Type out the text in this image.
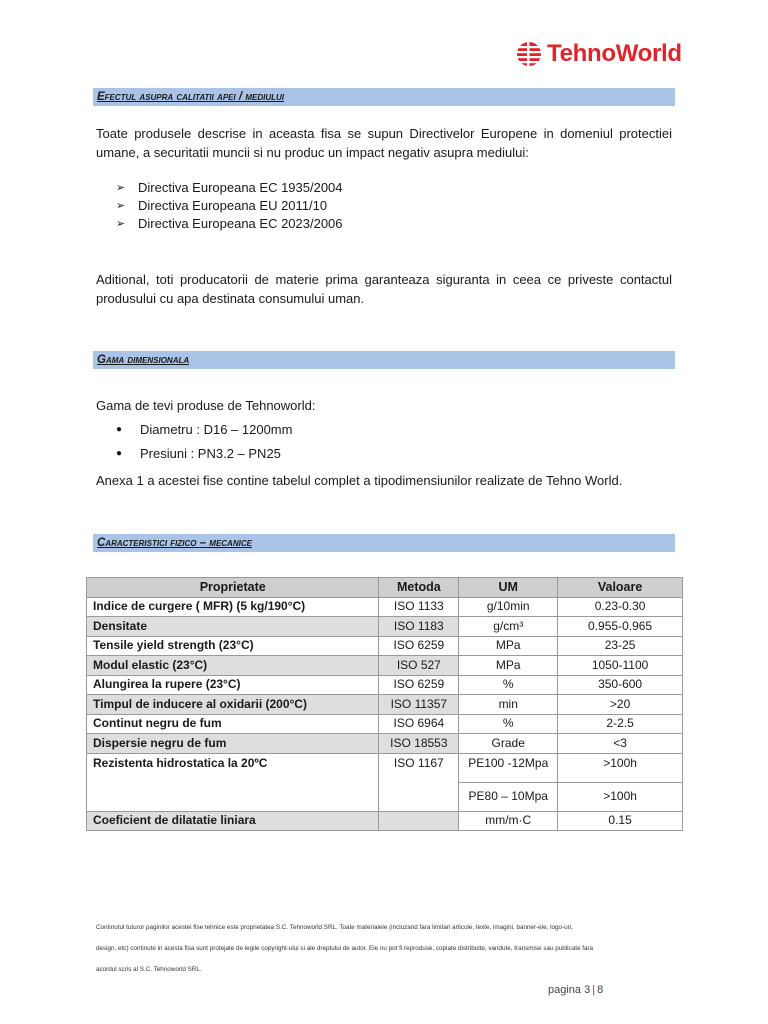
TehnoWorld
Efectul asupra calitatii apei / mediului

Toate produsele descrise in aceasta fisa se supun Directivelor Europene in domeniul protectiei umane, a securitatii muncii si nu produc un impact negativ asupra mediului:

➢ Directiva Europeana EC 1935/2004
➢ Directiva Europeana EU 2011/10
➢ Directiva Europeana EC 2023/2006

Aditional, toti producatorii de materie prima garanteaza siguranta in ceea ce priveste contactul produsului cu apa destinata consumului uman.

Gama dimensionala

Gama de tevi produse de Tehnoworld:

●	Diametru : D16 – 1200mm
●	Presiuni : PN3.2 – PN25

Anexa 1 a acestei fise contine tabelul complet a tipodimensiunilor realizate de Tehno World.

Caracteristici fizico – mecanice
Proprietate	Metoda	UM	Valoare
Indice de curgere ( MFR) (5 kg/190°C)	ISO 1133	g/10min	0.23-0.30
Densitate	ISO 1183	g/cm³	0.955-0.965
Tensile yield strength (23°C)	ISO 6259	MPa	23-25
Modul elastic (23°C)	ISO 527	MPa	1050-1100
Alungirea la rupere (23°C)	ISO 6259	%	350-600
Timpul de inducere al oxidarii (200°C)	ISO 11357	min	>20
Continut negru de fum	ISO 6964	%	2-2.5
Dispersie negru de fum	ISO 18553	Grade	<3
Rezistenta hidrostatica la 20ºC	ISO 1167	PE100 -12Mpa	>100h
		PE80 – 10Mpa	>100h
Coeficient de dilatatie liniara		mm/m·C	0.15
Continutul tuturor paginilor acestei fise tehnice este proprietatea S.C. Tehnoworld SRL. Toate materialele (incluzand fara limitari articole, texte, imagini, banner-ele, logo-uri,
design, etc) continute in acesta fisa sunt protejate de legile copyright-ului si ale dreptului de autor. Ele nu pot fi reproduse, copiate distribuite, vandute, transmise sau publicate fara
acordul scris al S.C. Tehnoworld SRL.
pagina 3 | 8
